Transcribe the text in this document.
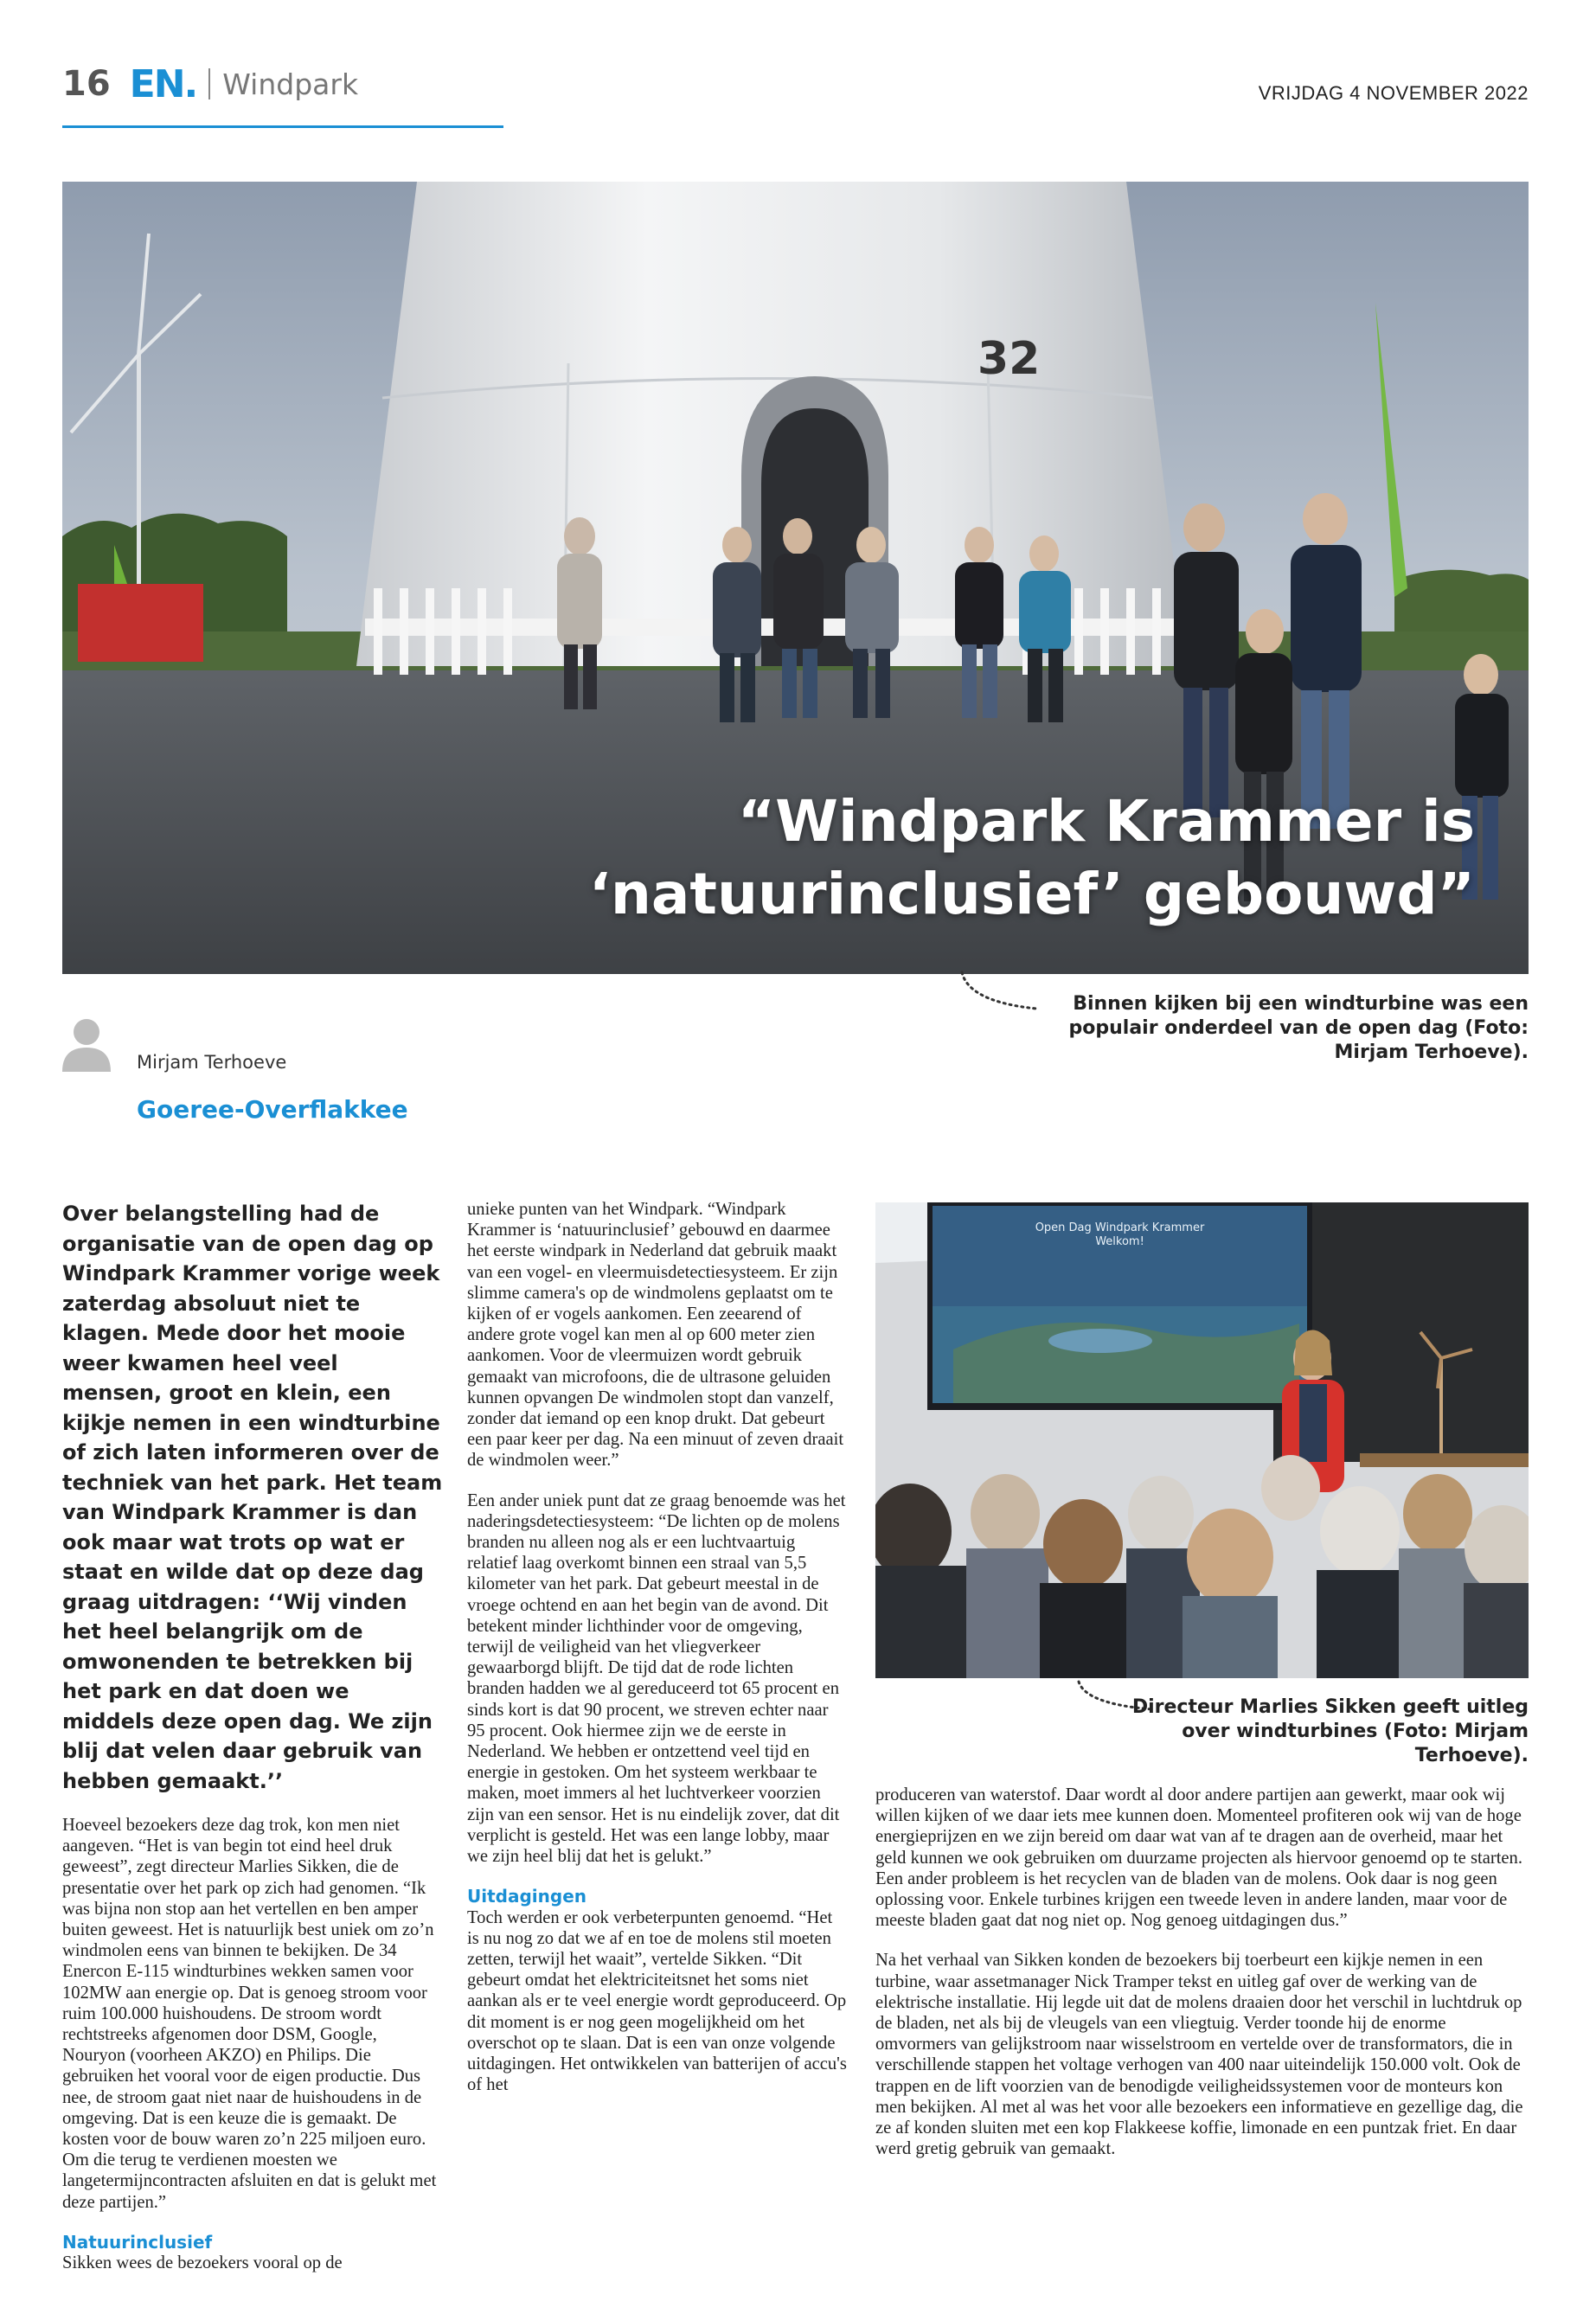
16 EN. Windpark	VRIJDAG 4 NOVEMBER 2022
32
“Windpark Krammer is
‘natuurinclusief’ gebouwd”
Binnen kijken bij een windturbine was een populair onderdeel van de open dag (Foto: Mirjam Terhoeve).
Mirjam Terhoeve
Goeree-Overflakkee

Over belangstelling had de organisatie van de open dag op Windpark Krammer vorige week zaterdag absoluut niet te klagen. Mede door het mooie weer kwamen heel veel mensen, groot en klein, een kijkje nemen in een windturbine of zich laten informeren over de techniek van het park. Het team van Windpark Krammer is dan ook maar wat trots op wat er staat en wilde dat op deze dag graag uitdragen: ‘‘Wij vinden het heel belangrijk om de omwonenden te betrekken bij het park en dat doen we middels deze open dag. We zijn blij dat velen daar gebruik van hebben gemaakt.’’

Hoeveel bezoekers deze dag trok, kon men niet aangeven. “Het is van begin tot eind heel druk geweest”, zegt directeur Marlies Sikken, die de presentatie over het park op zich had genomen. “Ik was bijna non stop aan het vertellen en ben amper buiten geweest. Het is natuurlijk best uniek om zo’n windmolen eens van binnen te bekijken. De 34 Enercon E-115 windturbines wekken samen voor 102MW aan energie op. Dat is genoeg stroom voor ruim 100.000 huishoudens. De stroom wordt rechtstreeks afgenomen door DSM, Google, Nouryon (voorheen AKZO) en Philips. Die gebruiken het vooral voor de eigen productie. Dus nee, de stroom gaat niet naar de huishoudens in de omgeving. Dat is een keuze die is gemaakt. De kosten voor de bouw waren zo’n 225 miljoen euro. Om die terug te verdienen moesten we langetermijncontracten afsluiten en dat is gelukt met deze partijen.”

Natuurinclusief

Sikken wees de bezoekers vooral op de

unieke punten van het Windpark. “Windpark Krammer is ‘natuurinclusief’ gebouwd en daarmee het eerste windpark in Nederland dat gebruik maakt van een vogel- en vleermuisdetectiesysteem. Er zijn slimme camera's op de windmolens geplaatst om te kijken of er vogels aankomen. Een zeearend of andere grote vogel kan men al op 600 meter zien aankomen. Voor de vleermuizen wordt gebruik gemaakt van microfoons, die de ultrasone geluiden kunnen opvangen De windmolen stopt dan vanzelf, zonder dat iemand op een knop drukt. Dat gebeurt een paar keer per dag. Na een minuut of zeven draait de windmolen weer.”

Een ander uniek punt dat ze graag benoemde was het naderingsdetectiesysteem: “De lichten op de molens branden nu alleen nog als er een luchtvaartuig relatief laag overkomt binnen een straal van 5,5 kilometer van het park. Dat gebeurt meestal in de vroege ochtend en aan het begin van de avond. Dit betekent minder lichthinder voor de omgeving, terwijl de veiligheid van het vliegverkeer gewaarborgd blijft. De tijd dat de rode lichten branden hadden we al gereduceerd tot 65 procent en sinds kort is dat 90 procent, we streven echter naar 95 procent. Ook hiermee zijn we de eerste in Nederland. We hebben er ontzettend veel tijd en energie in gestoken. Om het systeem werkbaar te maken, moet immers al het luchtverkeer voorzien zijn van een sensor. Het is nu eindelijk zover, dat dit verplicht is gesteld. Het was een lange lobby, maar we zijn heel blij dat het is gelukt.”

Uitdagingen

Toch werden er ook verbeterpunten genoemd. “Het is nu nog zo dat we af en toe de molens stil moeten zetten, terwijl het waait”, vertelde Sikken. “Dit gebeurt omdat het elektriciteitsnet het soms niet aankan als er te veel energie wordt geproduceerd. Op dit moment is er nog geen mogelijkheid om het overschot op te slaan. Dat is een van onze volgende uitdagingen. Het ontwikkelen van batterijen of accu's of het

Open Dag Windpark Krammer
Welkom!
Directeur Marlies Sikken geeft uitleg over windturbines (Foto: Mirjam Terhoeve).

produceren van waterstof. Daar wordt al door andere partijen aan gewerkt, maar ook wij willen kijken of we daar iets mee kunnen doen. Momenteel profiteren ook wij van de hoge energieprijzen en we zijn bereid om daar wat van af te dragen aan de overheid, maar het geld kunnen we ook gebruiken om duurzame projecten als hiervoor genoemd op te starten. Een ander probleem is het recyclen van de bladen van de molens. Ook daar is nog geen oplossing voor. Enkele turbines krijgen een tweede leven in andere landen, maar voor de meeste bladen gaat dat nog niet op. Nog genoeg uitdagingen dus.”

Na het verhaal van Sikken konden de bezoekers bij toerbeurt een kijkje nemen in een turbine, waar assetmanager Nick Tramper tekst en uitleg gaf over de werking van de elektrische installatie. Hij legde uit dat de molens draaien door het verschil in luchtdruk op de bladen, net als bij de vleugels van een vliegtuig. Verder toonde hij de enorme omvormers van gelijkstroom naar wisselstroom en vertelde over de transformators, die in verschillende stappen het voltage verhogen van 400 naar uiteindelijk 150.000 volt. Ook de trappen en de lift voorzien van de benodigde veiligheidssystemen voor de monteurs kon men bekijken. Al met al was het voor alle bezoekers een informatieve en gezellige dag, die ze af konden sluiten met een kop Flakkeese koffie, limonade en een puntzak friet. En daar werd gretig gebruik van gemaakt.
